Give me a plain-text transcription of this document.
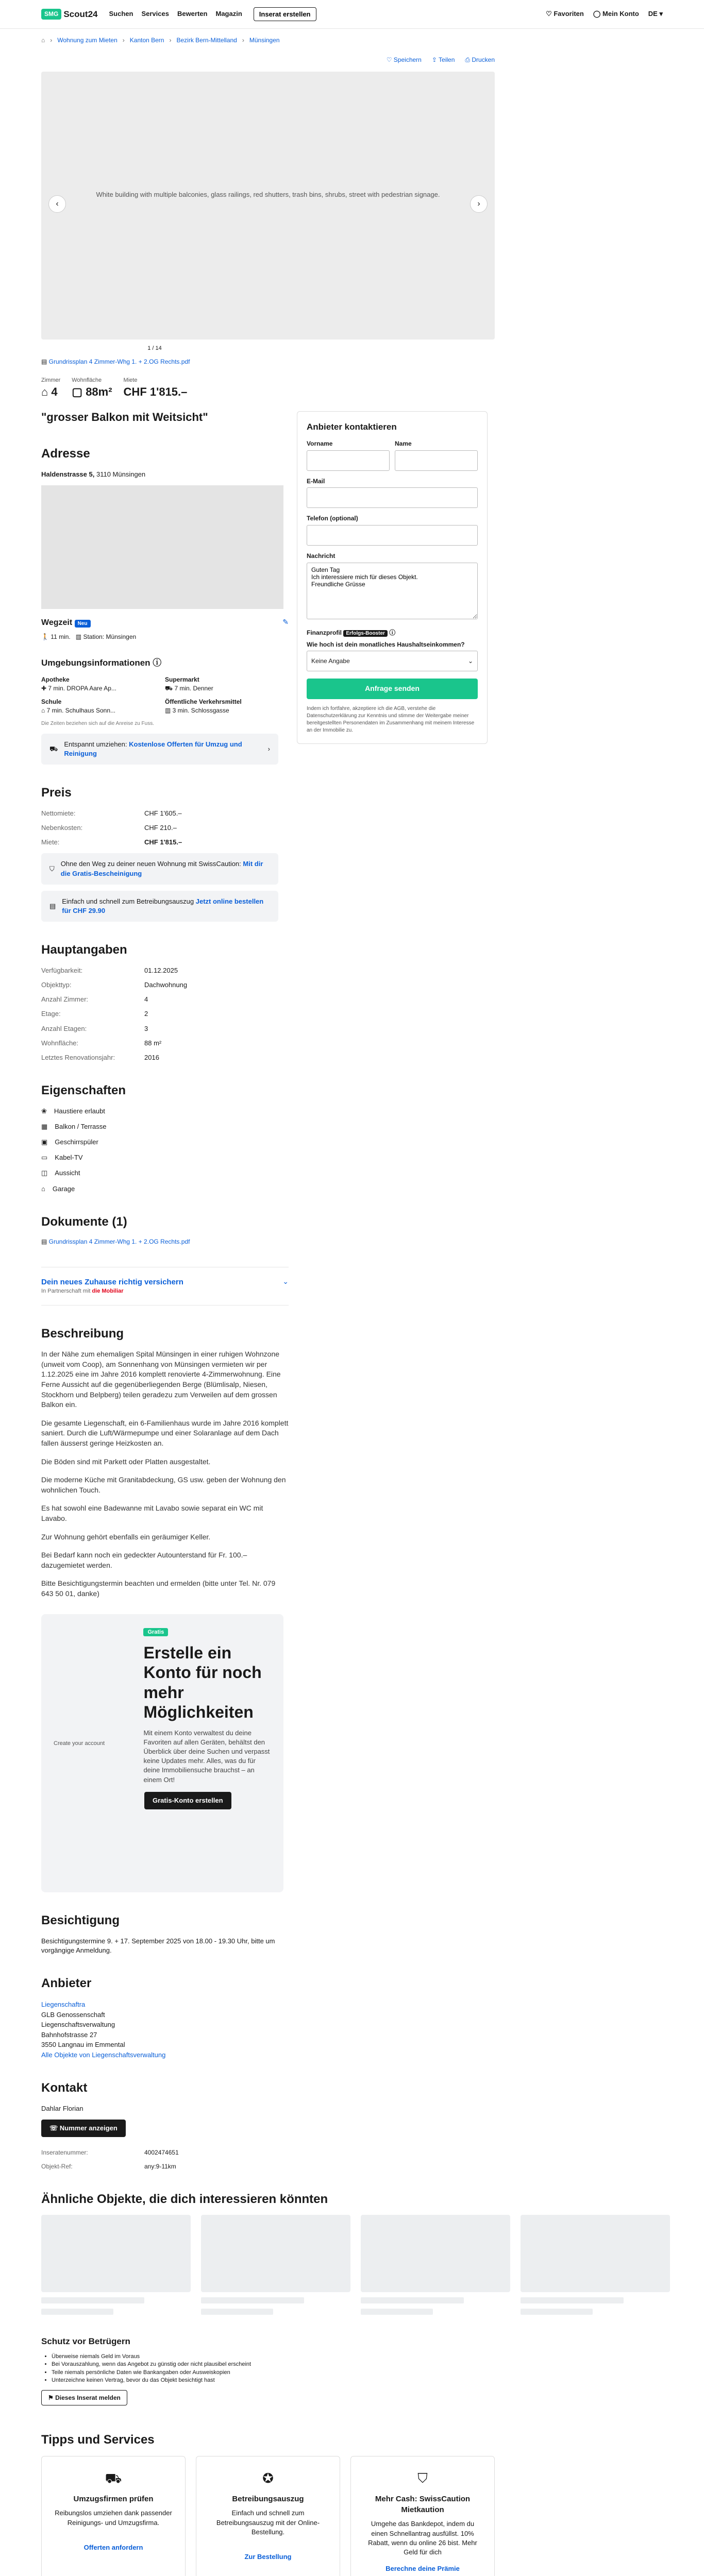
SMG Scout24 Suchen Services Bewerten Magazin	Inserat erstellen	♡ Favoriten ◯ Mein Konto DE ▾
⌂ › Wohnung zum Mieten › Kanton Bern › Bezirk Bern-Mittelland › Münsingen
♡ Speichern ⇪ Teilen ⎙ Drucken
White building with multiple balconies, glass railings, red shutters, trash bins, shrubs, street with pedestrian signage.
‹	›
1 / 14
▤ Grundrissplan 4 Zimmer-Whg 1. + 2.OG Rechts.pdf
Zimmer
⌂ 4
Wohnfläche
▢ 88m²
Miete
CHF 1'815.–
"grosser Balkon mit Weitsicht"
Adresse
Haldenstrasse 5, 3110 Münsingen
Wegzeit Neu	✎
🚶 11 min. ▥ Station: Münsingen
Umgebungsinformationen ⓘ
Apotheke
✚ 7 min. DROPA Aare Ap...
Supermarkt
⛟ 7 min. Denner
Schule
⌂ 7 min. Schulhaus Sonn...
Öffentliche Verkehrsmittel
▥ 3 min. Schlossgasse
Die Zeiten beziehen sich auf die Anreise zu Fuss.
⛟
Entspannt umziehen: Kostenlose Offerten für Umzug und Reinigung
›
Preis
Nettomiete:	CHF 1'605.–
Nebenkosten:	CHF 210.–
Miete:	CHF 1'815.–
⛉
Ohne den Weg zu deiner neuen Wohnung mit SwissCaution: Mit dir die Gratis-Bescheinigung
▤
Einfach und schnell zum Betreibungsauszug Jetzt online bestellen für CHF 29.90
Hauptangaben
Verfügbarkeit:	01.12.2025
Objekttyp:	Dachwohnung
Anzahl Zimmer:	4
Etage:	2
Anzahl Etagen:	3
Wohnfläche:	88 m²
Letztes Renovationsjahr:	2016
Eigenschaften
❀ Haustiere erlaubt
▦ Balkon / Terrasse
▣ Geschirrspüler
▭ Kabel-TV
◫ Aussicht
⌂ Garage
Dokumente (1)
▤ Grundrissplan 4 Zimmer-Whg 1. + 2.OG Rechts.pdf
Dein neues Zuhause richtig versichern
In Partnerschaft mit die Mobiliar
⌄
Beschreibung

In der Nähe zum ehemaligen Spital Münsingen in einer ruhigen Wohnzone (unweit vom Coop), am Sonnenhang von Münsingen vermieten wir per 1.12.2025 eine im Jahre 2016 komplett renovierte 4-Zimmerwohnung. Eine Ferne Aussicht auf die gegenüberliegenden Berge (Blümlisalp, Niesen, Stockhorn und Belpberg) teilen geradezu zum Verweilen auf dem grossen Balkon ein.

Die gesamte Liegenschaft, ein 6-Familienhaus wurde im Jahre 2016 komplett saniert. Durch die Luft/Wärmepumpe und einer Solaranlage auf dem Dach fallen äusserst geringe Heizkosten an.

Die Böden sind mit Parkett oder Platten ausgestaltet.

Die moderne Küche mit Granitabdeckung, GS usw. geben der Wohnung den wohnlichen Touch.

Es hat sowohl eine Badewanne mit Lavabo sowie separat ein WC mit Lavabo.

Zur Wohnung gehört ebenfalls ein geräumiger Keller.

Bei Bedarf kann noch ein gedeckter Autounterstand für Fr. 100.– dazugemietet werden.

Bitte Besichtigungstermin beachten und ermelden (bitte unter Tel. Nr. 079 643 50 01, danke)

Create your account
Gratis
Erstelle ein Konto für noch mehr Möglichkeiten
Mit einem Konto verwaltest du deine Favoriten auf allen Geräten, behältst den Überblick über deine Suchen und verpasst keine Updates mehr. Alles, was du für deine Immobiliensuche brauchst – an einem Ort!
Gratis-Konto erstellen
Besichtigung
Besichtigungstermine 9. + 17. September 2025 von 18.00 - 19.30 Uhr, bitte um vorgängige Anmeldung.
Anbieter
Liegenschaftra
GLB Genossenschaft
Liegenschaftsverwaltung
Bahnhofstrasse 27
3550 Langnau im Emmental
Alle Objekte von Liegenschaftsverwaltung
Kontakt
Dahlar Florian
☏ Nummer anzeigen
Inseratenummer:	4002474651
Objekt-Ref:	any:9-11km
Ähnliche Objekte, die dich interessieren könnten
Schutz vor Betrügern
• Überweise niemals Geld im Voraus
• Bei Vorauszahlung, wenn das Angebot zu günstig oder nicht plausibel erscheint
• Teile niemals persönliche Daten wie Bankangaben oder Ausweiskopien
• Unterzeichne keinen Vertrag, bevor du das Objekt besichtigt hast
⚑ Dieses Inserat melden
Tipps und Services
⛟
Umzugsfirmen prüfen
Reibungslos umziehen dank passender Reinigungs- und Umzugsfirma.
Offerten anfordern
✪
Betreibungsauszug
Einfach und schnell zum Betreibungsauszug mit der Online-Bestellung.
Zur Bestellung
⛉
Mehr Cash: SwissCaution Mietkaution
Umgehe das Bankdepot, indem du einen Schnellantrag ausfüllst. 10% Rabatt, wenn du online 26 bist. Mehr Geld für dich
Berechne deine Prämie
Anbieter kontaktieren
Vorname	Name
E-Mail
Telefon (optional)
Nachricht
Guten Tag Ich interessiere mich für dieses Objekt. Freundliche Grüsse
Finanzprofil Erfolgs-Booster ⓘ
Wie hoch ist dein monatliches Haushaltseinkommen?
Keine Angabe	⌄
Anfrage senden
Indem ich fortfahre, akzeptiere ich die AGB, verstehe die Datenschutzerklärung zur Kenntnis und stimme der Weitergabe meiner bereitgestellten Personendaten im Zusammenhang mit meinem Interesse an der Immobilie zu.
